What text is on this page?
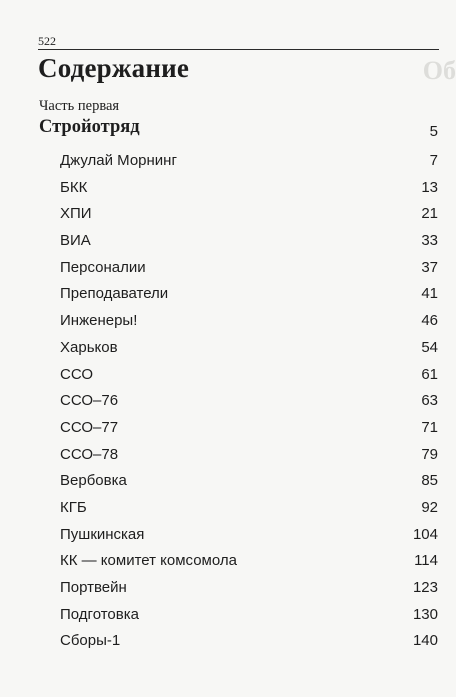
522
Об
Содержание
Часть первая
Стройотряд	5
Джулай Морнинг	7
БКК	13
ХПИ	21
ВИА	33
Персоналии	37
Преподаватели	41
Инженеры!	46
Харьков	54
ССО	61
ССО–76	63
ССО–77	71
ССО–78	79
Вербовка	85
КГБ	92
Пушкинская	104
КК — комитет комсомола	114
Портвейн	123
Подготовка	130
Сборы-1	140
